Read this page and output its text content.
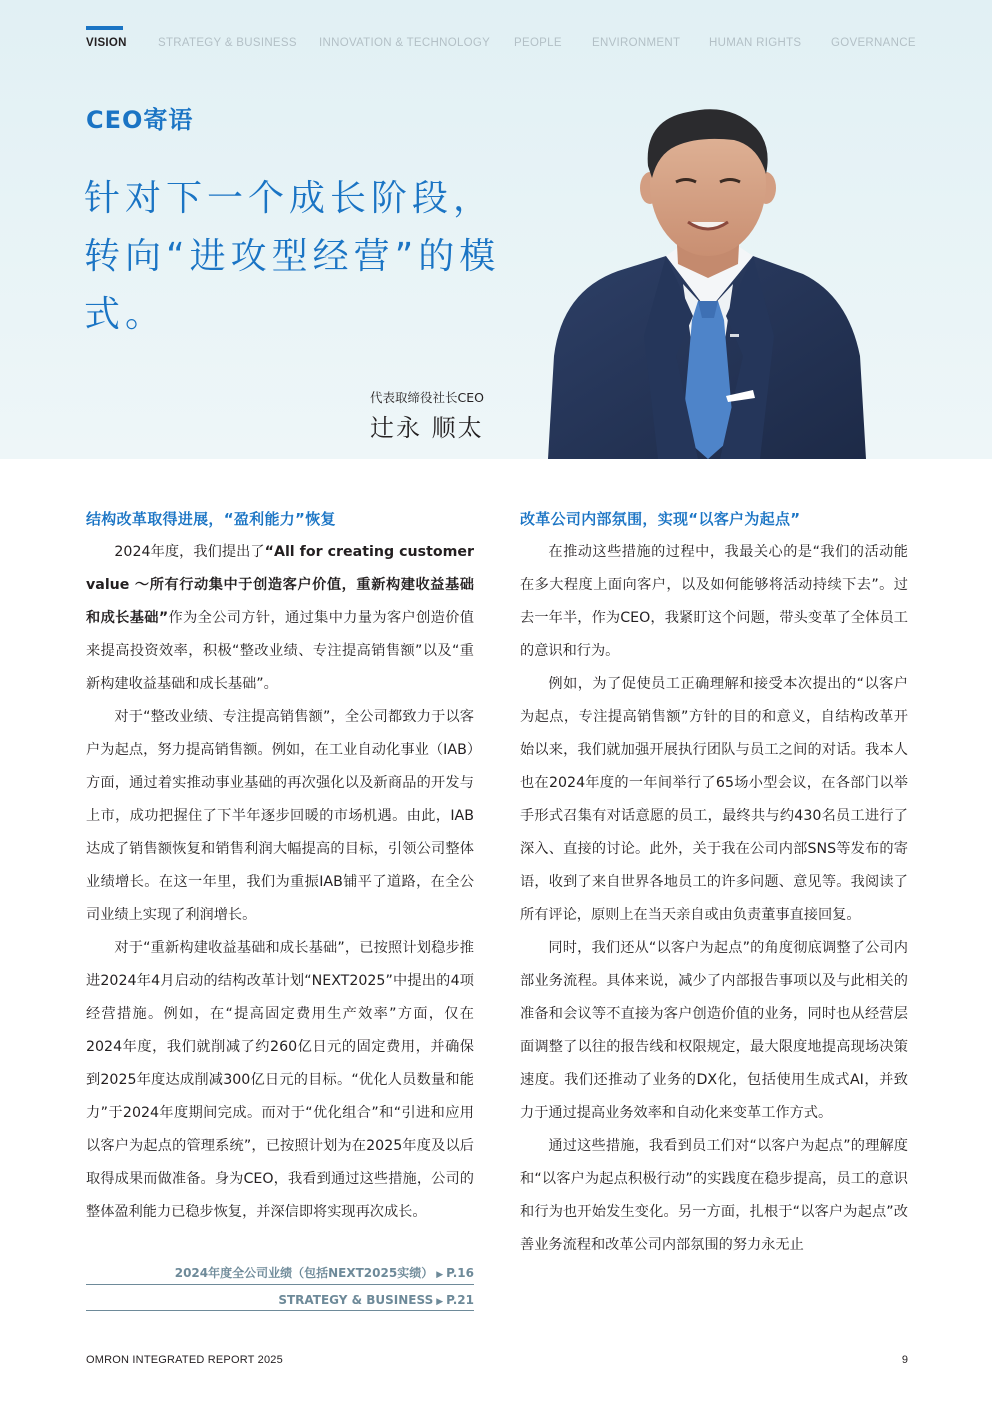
VISION	STRATEGY & BUSINESS INNOVATION & TECHNOLOGY PEOPLE	ENVIRONMENT HUMAN RIGHTS	GOVERNANCE
CEO寄语
针对下一个成长阶段，转向“进攻型经营”的模式。
代表取缔役社长CEO
辻永 顺太
结构改革取得进展，“盈利能力”恢复

2024年度，我们提出了“All for creating customer value ～所有行动集中于创造客户价值，重新构建收益基础和成长基础”作为全公司方针，通过集中力量为客户创造价值来提高投资效率，积极“整改业绩、专注提高销售额”以及“重新构建收益基础和成长基础”。

对于“整改业绩、专注提高销售额”，全公司都致力于以客户为起点，努力提高销售额。例如，在工业自动化事业（IAB）方面，通过着实推动事业基础的再次强化以及新商品的开发与上市，成功把握住了下半年逐步回暖的市场机遇。由此，IAB达成了销售额恢复和销售利润大幅提高的目标，引领公司整体业绩增长。在这一年里，我们为重振IAB铺平了道路，在全公司业绩上实现了利润增长。

对于“重新构建收益基础和成长基础”，已按照计划稳步推进2024年4月启动的结构改革计划“NEXT2025”中提出的4项经营措施。例如，在“提高固定费用生产效率”方面，仅在2024年度，我们就削减了约260亿日元的固定费用，并确保到2025年度达成削减300亿日元的目标。“优化人员数量和能力”于2024年度期间完成。而对于“优化组合”和“引进和应用以客户为起点的管理系统”，已按照计划为在2025年度及以后取得成果而做准备。身为CEO，我看到通过这些措施，公司的整体盈利能力已稳步恢复，并深信即将实现再次成长。

2024年度全公司业绩（包括NEXT2025实绩） ▶ P.16
STRATEGY & BUSINESS ▶ P.21
改革公司内部氛围，实现“以客户为起点”

在推动这些措施的过程中，我最关心的是“我们的活动能在多大程度上面向客户，以及如何能够将活动持续下去”。过去一年半，作为CEO，我紧盯这个问题，带头变革了全体员工的意识和行为。

例如，为了促使员工正确理解和接受本次提出的“以客户为起点，专注提高销售额”方针的目的和意义，自结构改革开始以来，我们就加强开展执行团队与员工之间的对话。我本人也在2024年度的一年间举行了65场小型会议，在各部门以举手形式召集有对话意愿的员工，最终共与约430名员工进行了深入、直接的讨论。此外，关于我在公司内部SNS等发布的寄语，收到了来自世界各地员工的许多问题、意见等。我阅读了所有评论，原则上在当天亲自或由负责董事直接回复。

同时，我们还从“以客户为起点”的角度彻底调整了公司内部业务流程。具体来说，减少了内部报告事项以及与此相关的准备和会议等不直接为客户创造价值的业务，同时也从经营层面调整了以往的报告线和权限规定，最大限度地提高现场决策速度。我们还推动了业务的DX化，包括使用生成式AI，并致力于通过提高业务效率和自动化来变革工作方式。

通过这些措施，我看到员工们对“以客户为起点”的理解度和“以客户为起点积极行动”的实践度在稳步提高，员工的意识和行为也开始发生变化。另一方面，扎根于“以客户为起点”改善业务流程和改革公司内部氛围的努力永无止

OMRON INTEGRATED REPORT 2025	9
